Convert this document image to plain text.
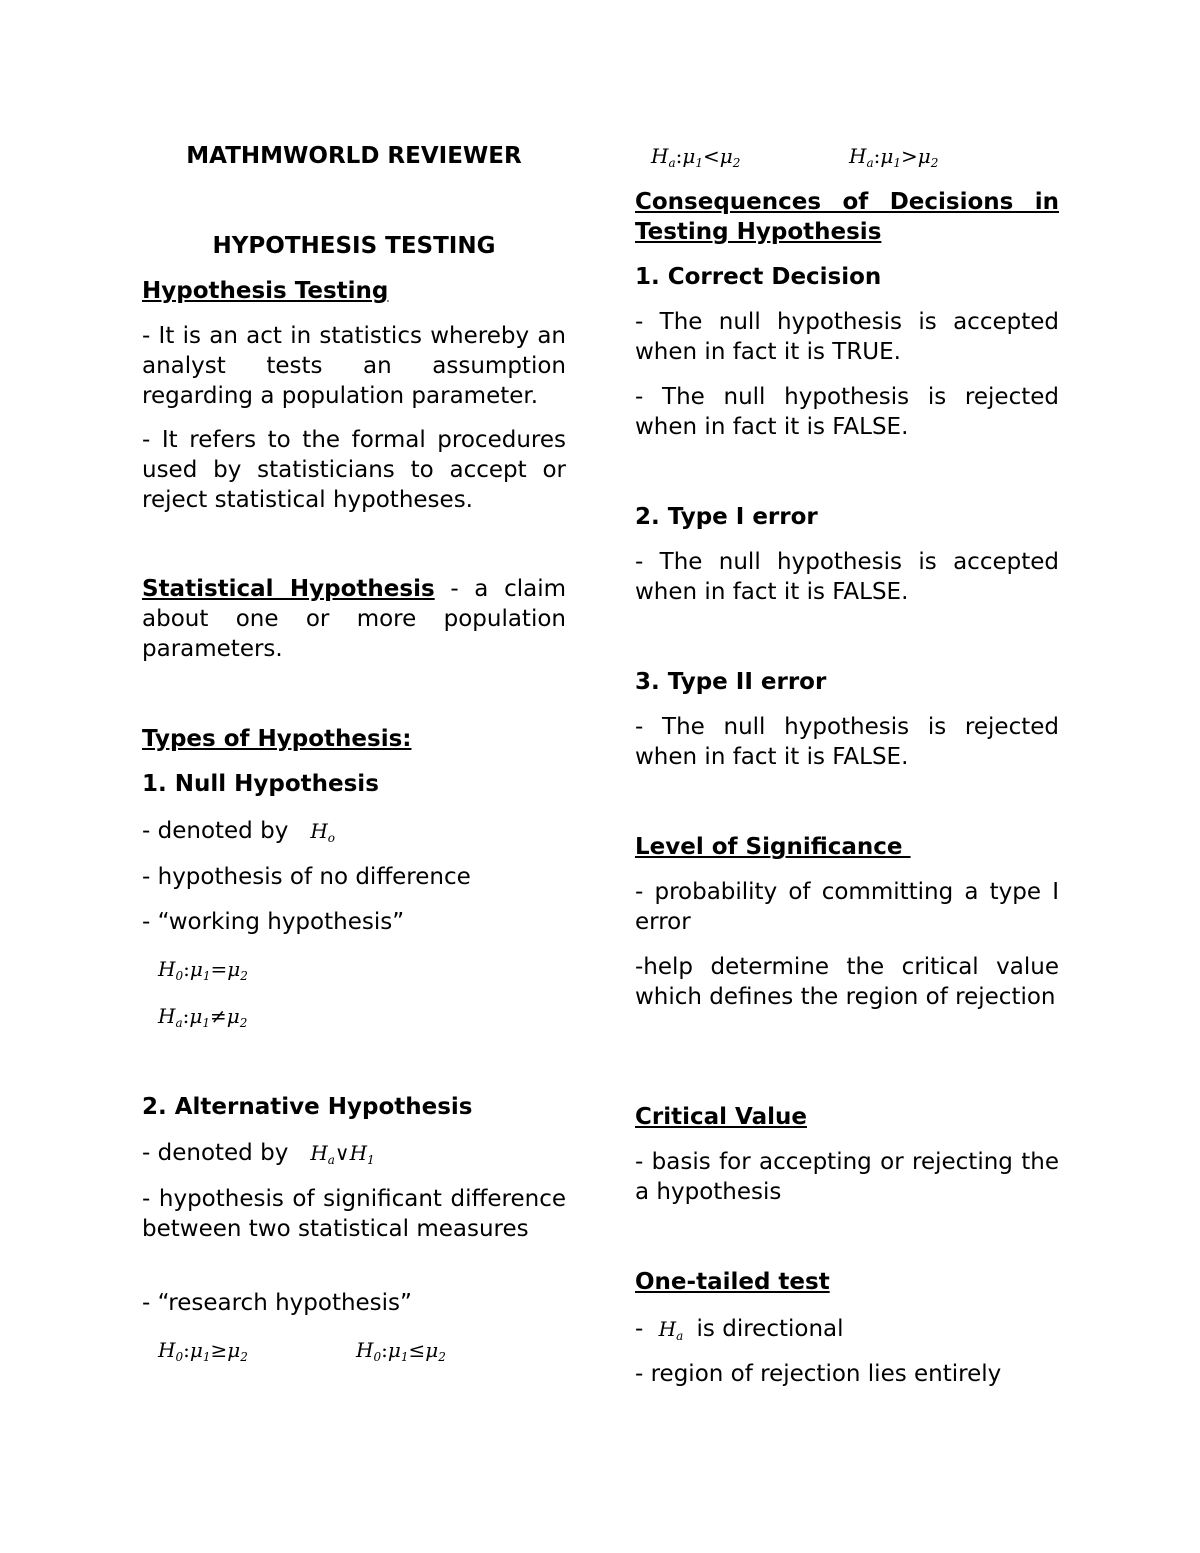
MATHMWORLD REVIEWER

HYPOTHESIS TESTING

Hypothesis Testing

- It is an act in statistics whereby an analyst tests an assumption regarding a population parameter.

- It refers to the formal procedures used by statisticians to accept or reject statistical hypotheses.

Statistical Hypothesis - a claim about one or more population parameters.

Types of Hypothesis:

1. Null Hypothesis

- denoted by $H_o$

- hypothesis of no difference

- “working hypothesis”

$H_0:\mu_1=\mu_2$
$H_a:\mu_1\ne\mu_2$

2. Alternative Hypothesis

- denoted by $H_a\vee H_1$

- hypothesis of significant difference between two statistical measures

- “research hypothesis”

$H_0:\mu_1\ge\mu_2$	$H_0:\mu_1\le\mu_2$
$H_a:\mu_1<\mu_2$	$H_a:\mu_1>\mu_2$

Consequences of Decisions in Testing Hypothesis

1. Correct Decision

- The null hypothesis is accepted when in fact it is TRUE.

- The null hypothesis is rejected when in fact it is FALSE.

2. Type I error

- The null hypothesis is accepted when in fact it is FALSE.

3. Type II error

- The null hypothesis is rejected when in fact it is FALSE.

Level of Significance

- probability of committing a type I error

-help determine the critical value which defines the region of rejection

Critical Value

- basis for accepting or rejecting the a hypothesis

One-tailed test

- $H_a$ is directional

- region of rejection lies entirely
